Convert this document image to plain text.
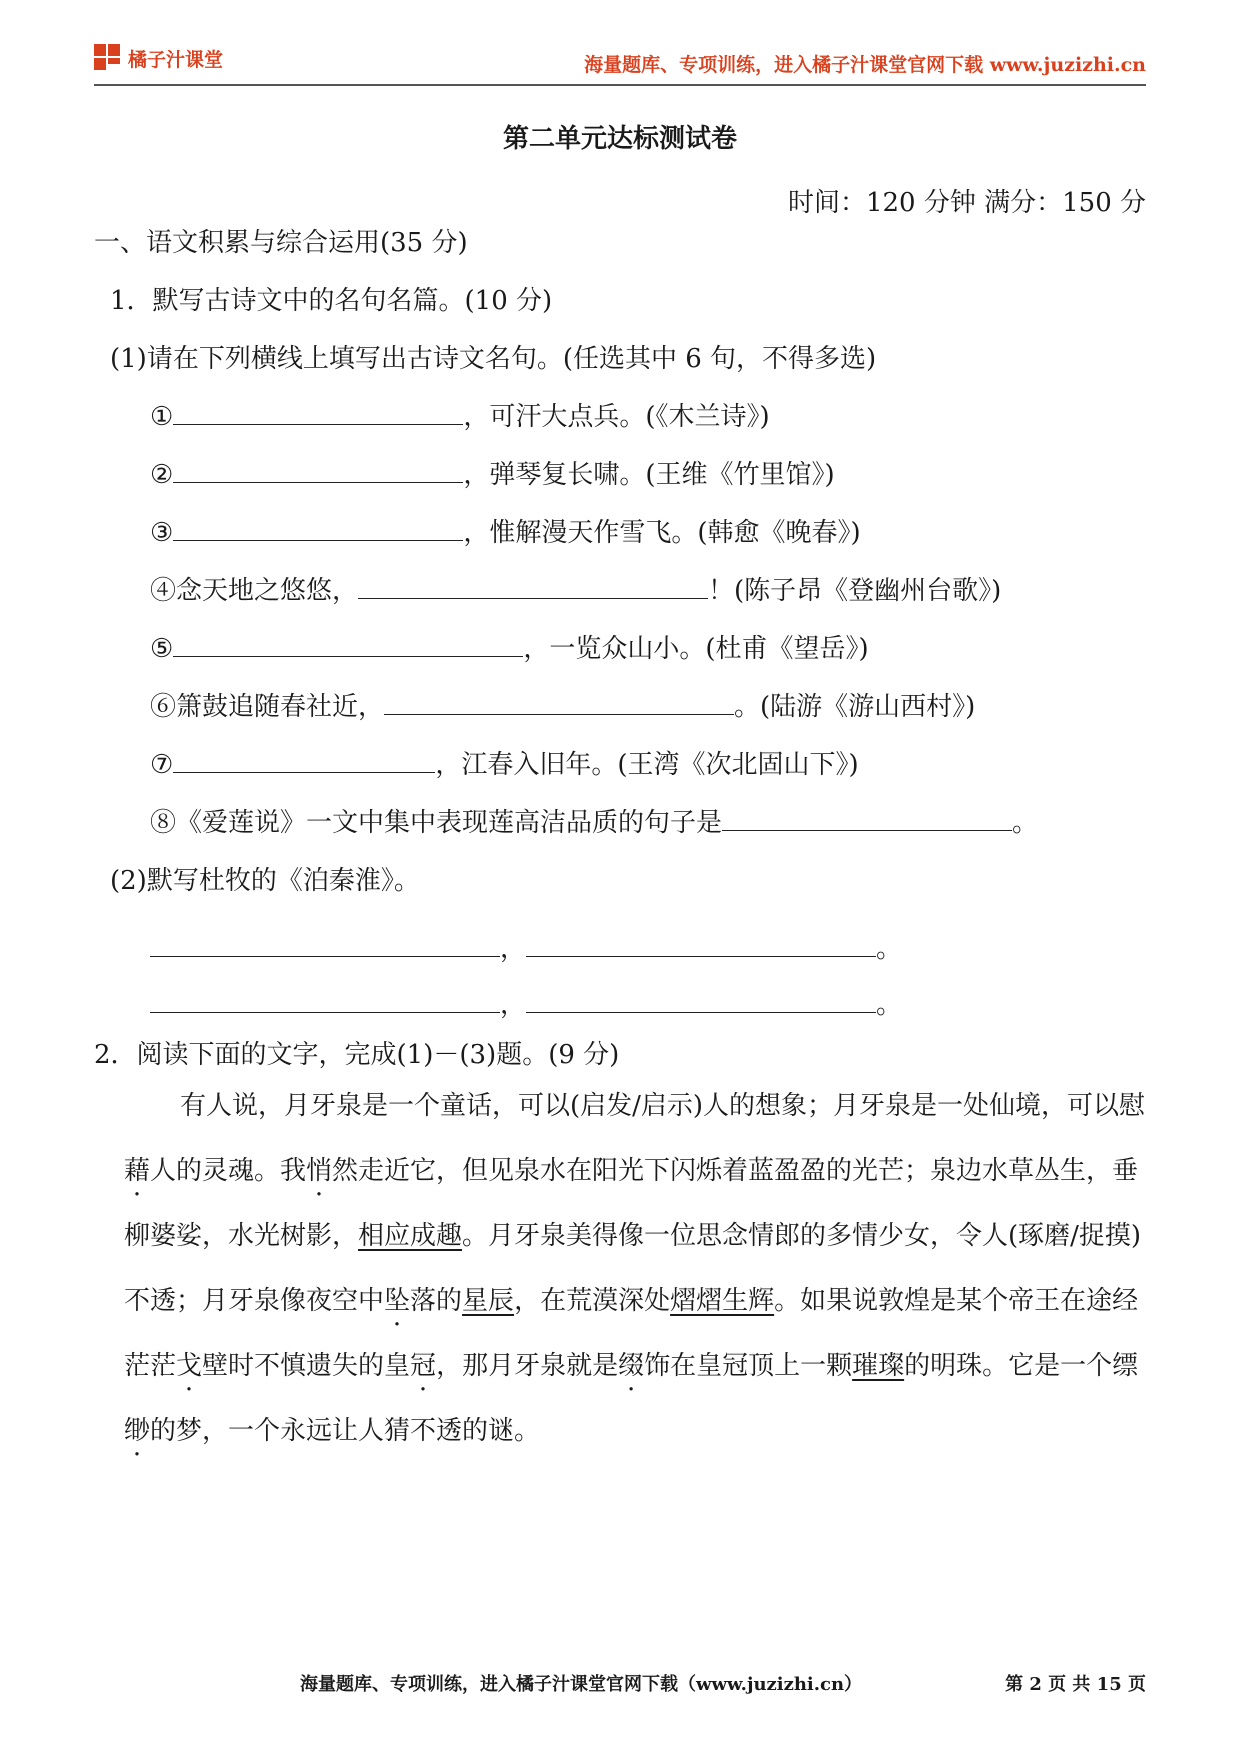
橘子汁课堂	海量题库、专项训练，进入橘子汁课堂官网下载 www.juzizhi.cn
第二单元达标测试卷
时间：120 分钟 满分：150 分
一、语文积累与综合运用(35 分)
1．默写古诗文中的名句名篇。(10 分)
(1)请在下列横线上填写出古诗文名句。(任选其中 6 句，不得多选)
①	，可汗大点兵。(《木兰诗》)
②	，弹琴复长啸。(王维《竹里馆》)
③	，惟解漫天作雪飞。(韩愈《晚春》)
④念天地之悠悠，	！(陈子昂《登幽州台歌》)
⑤	，一览众山小。(杜甫《望岳》)
⑥箫鼓追随春社近，	。(陆游《游山西村》)
⑦	，江春入旧年。(王湾《次北固山下》)
⑧《爱莲说》一文中集中表现莲高洁品质的句子是	。
(2)默写杜牧的《泊秦淮》。
，	。
，	。
2．阅读下面的文字，完成(1)－(3)题。(9 分)
有人说，月牙泉是一个童话，可以(启发/启示)人的想象；月牙泉是一处仙境，可以慰藉人的灵魂。我悄然走近它，但见泉水在阳光下闪烁着蓝盈盈的光芒；泉边水草丛生，垂柳婆娑，水光树影，相应成趣。月牙泉美得像一位思念情郎的多情少女，令人(琢磨/捉摸)不透；月牙泉像夜空中坠落的星辰，在荒漠深处熠熠生辉。如果说敦煌是某个帝王在途经茫茫戈壁时不慎遗失的皇冠，那月牙泉就是缀饰在皇冠顶上一颗璀璨的明珠。它是一个缥缈的梦，一个永远让人猜不透的谜。
海量题库、专项训练，进入橘子汁课堂官网下载（www.juzizhi.cn）	第 2 页 共 15 页
